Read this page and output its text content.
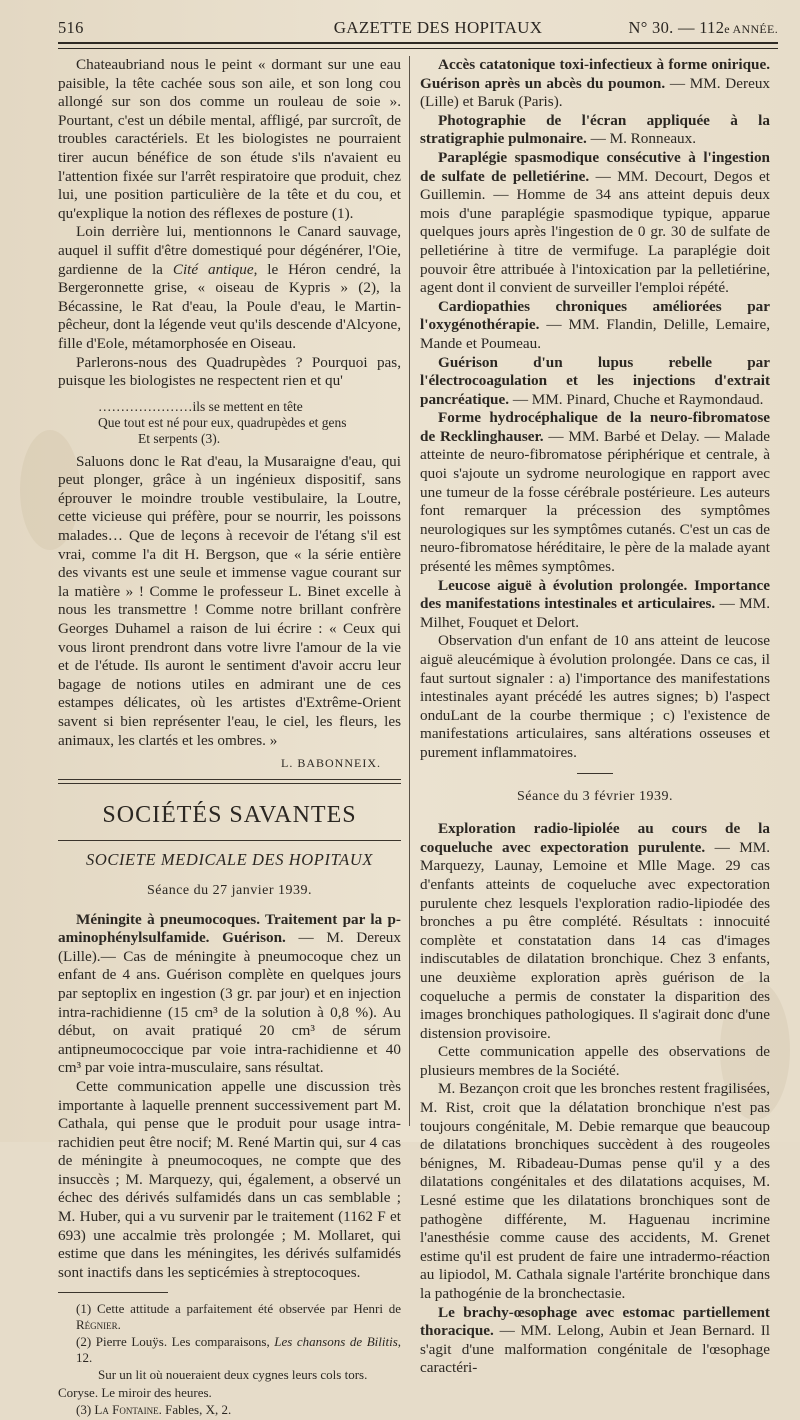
516	GAZETTE DES HOPITAUX	N° 30. — 112e ANNÉE.

Chateaubriand nous le peint « dormant sur une eau paisible, la tête cachée sous son aile, et son long cou allongé sur son dos comme un rouleau de soie ». Pourtant, c'est un débile mental, affligé, par surcroît, de troubles caractériels. Et les biologistes ne pourraient tirer aucun bénéfice de son étude s'ils n'avaient eu l'attention fixée sur l'arrêt respiratoire que produit, chez lui, une position particulière de la tête et du cou, et qu'explique la notion des réflexes de posture (1).

Loin derrière lui, mentionnons le Canard sauvage, auquel il suffit d'être domestiqué pour dégénérer, l'Oie, gardienne de la Cité antique, le Héron cendré, la Bergeronnette grise, « oiseau de Kypris » (2), la Bécassine, le Rat d'eau, la Poule d'eau, le Martin-pêcheur, dont la légende veut qu'ils descende d'Alcyone, fille d'Eole, métamorphosée en Oiseau.

Parlerons-nous des Quadrupèdes ? Pourquoi pas, puisque les biologistes ne respectent rien et qu'

…………………ils se mettent en tête
Que tout est né pour eux, quadrupèdes et gens
Et serpents (3).

Saluons donc le Rat d'eau, la Musaraigne d'eau, qui peut plonger, grâce à un ingénieux dispositif, sans éprouver le moindre trouble vestibulaire, la Loutre, cette vicieuse qui préfère, pour se nourrir, les poissons malades… Que de leçons à recevoir de l'étang s'il est vrai, comme l'a dit H. Bergson, que « la série entière des vivants est une seule et immense vague courant sur la matière » ! Comme le professeur L. Binet excelle à nous les transmettre ! Comme notre brillant confrère Georges Duhamel a raison de lui écrire : « Ceux qui vous liront prendront dans votre livre l'amour de la vie et de l'étude. Ils auront le sentiment d'avoir accru leur bagage de notions utiles en admirant une de ces estampes délicates, où les artistes d'Extrême-Orient savent si bien représenter l'eau, le ciel, les fleurs, les animaux, les clartés et les ombres. »

L. BABONNEIX.
SOCIÉTÉS SAVANTES
SOCIETE MEDICALE DES HOPITAUX
Séance du 27 janvier 1939.

Méningite à pneumocoques. Traitement par la p-aminophénylsulfamide. Guérison. — M. Dereux (Lille).— Cas de méningite à pneumocoque chez un enfant de 4 ans. Guérison complète en quelques jours par septoplix en ingestion (3 gr. par jour) et en injection intra-rachidienne (15 cm³ de la solution à 0,8 %). Au début, on avait pratiqué 20 cm³ de sérum antipneumococcique par voie intra-rachidienne et 40 cm³ par voie intra-musculaire, sans résultat.

Cette communication appelle une discussion très importante à laquelle prennent successivement part M. Cathala, qui pense que le produit pour usage intra-rachidien peut être nocif; M. René Martin qui, sur 4 cas de méningite à pneumocoques, ne compte que des insuccès ; M. Marquezy, qui, également, a observé un échec des dérivés sulfamidés dans un cas semblable ; M. Huber, qui a vu survenir par le traitement (1162 F et 693) une accalmie très prolongée ; M. Mollaret, qui estime que dans les méningites, les dérivés sulfamidés sont inactifs dans les septicémies à streptocoques.

(1) Cette attitude a parfaitement été observée par Henri de Régnier.

(2) Pierre Louÿs. Les comparaisons, Les chansons de Bilitis, 12.

Sur un lit où noueraient deux cygnes leurs cols tors.

Coryse. Le miroir des heures.

(3) La Fontaine. Fables, X, 2.

Accès catatonique toxi-infectieux à forme onirique. Guérison après un abcès du poumon. — MM. Dereux (Lille) et Baruk (Paris).

Photographie de l'écran appliquée à la stratigraphie pulmonaire. — M. Ronneaux.

Paraplégie spasmodique consécutive à l'ingestion de sulfate de pelletiérine. — MM. Decourt, Degos et Guillemin. — Homme de 34 ans atteint depuis deux mois d'une paraplégie spasmodique typique, apparue quelques jours après l'ingestion de 0 gr. 30 de sulfate de pelletiérine à titre de vermifuge. La paraplégie doit pouvoir être attribuée à l'intoxication par la pelletiérine, agent dont il convient de surveiller l'emploi répété.

Cardiopathies chroniques améliorées par l'oxygénothérapie. — MM. Flandin, Delille, Lemaire, Mande et Poumeau.

Guérison d'un lupus rebelle par l'électrocoagulation et les injections d'extrait pancréatique. — MM. Pinard, Chuche et Raymondaud.

Forme hydrocéphalique de la neuro-fibromatose de Recklinghauser. — MM. Barbé et Delay. — Malade atteinte de neuro-fibromatose périphérique et centrale, à quoi s'ajoute un sydrome neurologique en rapport avec une tumeur de la fosse cérébrale postérieure. Les auteurs font remarquer la précession des symptômes neurologiques sur les symptômes cutanés. C'est un cas de neuro-fibromatose héréditaire, le père de la malade ayant présenté les mêmes symptômes.

Leucose aiguë à évolution prolongée. Importance des manifestations intestinales et articulaires. — MM. Milhet, Fouquet et Delort.

Observation d'un enfant de 10 ans atteint de leucose aiguë aleucémique à évolution prolongée. Dans ce cas, il faut surtout signaler : a) l'importance des manifestations intestinales ayant précédé les autres signes; b) l'aspect onduLant de la courbe thermique ; c) l'existence de manifestations articulaires, sans altérations osseuses et purement inflammatoires.

Séance du 3 février 1939.

Exploration radio-lipiolée au cours de la coqueluche avec expectoration purulente. — MM. Marquezy, Launay, Lemoine et Mlle Mage. 29 cas d'enfants atteints de coqueluche avec expectoration purulente chez lesquels l'exploration radio-lipiodée des bronches a pu être complété. Résultats : innocuité complète et constatation dans 14 cas d'images indiscutables de dilatation bronchique. Chez 3 enfants, une deuxième exploration après guérison de la coqueluche a permis de constater la disparition des images bronchiques pathologiques. Il s'agirait donc d'une distension provisoire.

Cette communication appelle des observations de plusieurs membres de la Société.

M. Bezançon croit que les bronches restent fragilisées, M. Rist, croit que la délatation bronchique n'est pas toujours congénitale, M. Debie remarque que beaucoup de dilatations bronchiques succèdent à des rougeoles bénignes, M. Ribadeau-Dumas pense qu'il y a des dilatations congénitales et des dilatations acquises, M. Lesné estime que les dilatations bronchiques sont de pathogène différente, M. Haguenau incrimine l'anesthésie comme cause des accidents, M. Grenet estime qu'il est prudent de faire une intradermo-réaction au lipiodol, M. Cathala signale l'artérite bronchique dans la pathogénie de la bronchectasie.

Le brachy-œsophage avec estomac partiellement thoracique. — MM. Lelong, Aubin et Jean Bernard. Il s'agit d'une malformation congénitale de l'œsophage caractéri-
